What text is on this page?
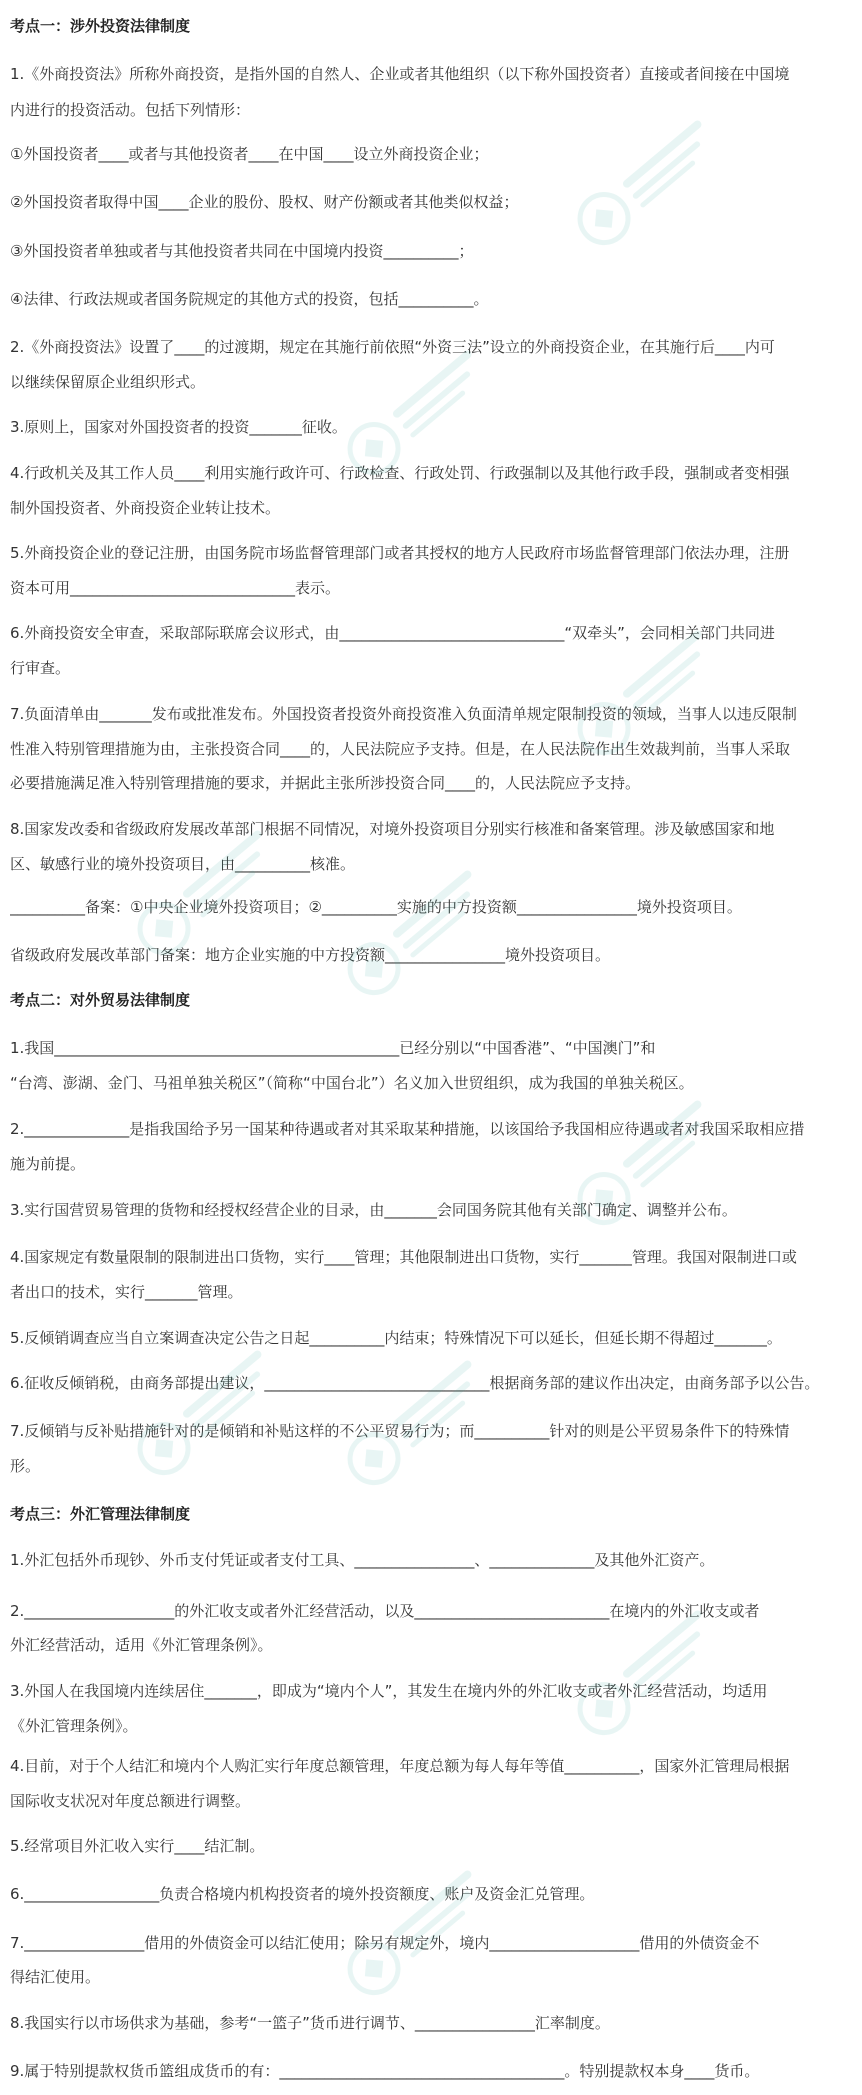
考点一：涉外投资法律制度

1.《外商投资法》所称外商投资，是指外国的自然人、企业或者其他组织（以下称外国投资者）直接或者间接在中国境

内进行的投资活动。包括下列情形：

①外国投资者____或者与其他投资者____在中国____设立外商投资企业；

②外国投资者取得中国____企业的股份、股权、财产份额或者其他类似权益；

③外国投资者单独或者与其他投资者共同在中国境内投资__________；

④法律、行政法规或者国务院规定的其他方式的投资，包括__________。

2.《外商投资法》设置了____的过渡期，规定在其施行前依照“外资三法”设立的外商投资企业，在其施行后____内可

以继续保留原企业组织形式。

3.原则上，国家对外国投资者的投资_______征收。

4.行政机关及其工作人员____利用实施行政许可、行政检查、行政处罚、行政强制以及其他行政手段，强制或者变相强

制外国投资者、外商投资企业转让技术。

5.外商投资企业的登记注册，由国务院市场监督管理部门或者其授权的地方人民政府市场监督管理部门依法办理，注册

资本可用______________________________表示。

6.外商投资安全审查，采取部际联席会议形式，由______________________________“双牵头”，会同相关部门共同进

行审查。

7.负面清单由_______发布或批准发布。外国投资者投资外商投资准入负面清单规定限制投资的领域，当事人以违反限制

性准入特别管理措施为由，主张投资合同____的，人民法院应予支持。但是，在人民法院作出生效裁判前，当事人采取

必要措施满足准入特别管理措施的要求，并据此主张所涉投资合同____的，人民法院应予支持。

8.国家发改委和省级政府发展改革部门根据不同情况，对境外投资项目分别实行核准和备案管理。涉及敏感国家和地

区、敏感行业的境外投资项目，由__________核准。

__________备案：①中央企业境外投资项目；②__________实施的中方投资额________________境外投资项目。

省级政府发展改革部门备案：地方企业实施的中方投资额________________境外投资项目。

考点二：对外贸易法律制度

1.我国______________________________________________已经分别以“中国香港”、“中国澳门”和

“台湾、澎湖、金门、马祖单独关税区”（简称“中国台北”）名义加入世贸组织，成为我国的单独关税区。

2.______________是指我国给予另一国某种待遇或者对其采取某种措施，以该国给予我国相应待遇或者对我国采取相应措

施为前提。

3.实行国营贸易管理的货物和经授权经营企业的目录，由_______会同国务院其他有关部门确定、调整并公布。

4.国家规定有数量限制的限制进出口货物，实行____管理；其他限制进出口货物，实行_______管理。我国对限制进口或

者出口的技术，实行_______管理。

5.反倾销调查应当自立案调查决定公告之日起__________内结束；特殊情况下可以延长，但延长期不得超过_______。

6.征收反倾销税，由商务部提出建议，______________________________根据商务部的建议作出决定，由商务部予以公告。

7.反倾销与反补贴措施针对的是倾销和补贴这样的不公平贸易行为；而__________针对的则是公平贸易条件下的特殊情

形。

考点三：外汇管理法律制度

1.外汇包括外币现钞、外币支付凭证或者支付工具、________________、______________及其他外汇资产。

2.____________________的外汇收支或者外汇经营活动，以及__________________________在境内的外汇收支或者

外汇经营活动，适用《外汇管理条例》。

3.外国人在我国境内连续居住_______，即成为“境内个人”，其发生在境内外的外汇收支或者外汇经营活动，均适用

《外汇管理条例》。

4.目前，对于个人结汇和境内个人购汇实行年度总额管理，年度总额为每人每年等值__________，国家外汇管理局根据

国际收支状况对年度总额进行调整。

5.经常项目外汇收入实行____结汇制。

6.__________________负责合格境内机构投资者的境外投资额度、账户及资金汇兑管理。

7.________________借用的外债资金可以结汇使用；除另有规定外，境内____________________借用的外债资金不

得结汇使用。

8.我国实行以市场供求为基础，参考“一篮子”货币进行调节、________________汇率制度。

9.属于特别提款权货币篮组成货币的有：______________________________________。特别提款权本身____货币。
